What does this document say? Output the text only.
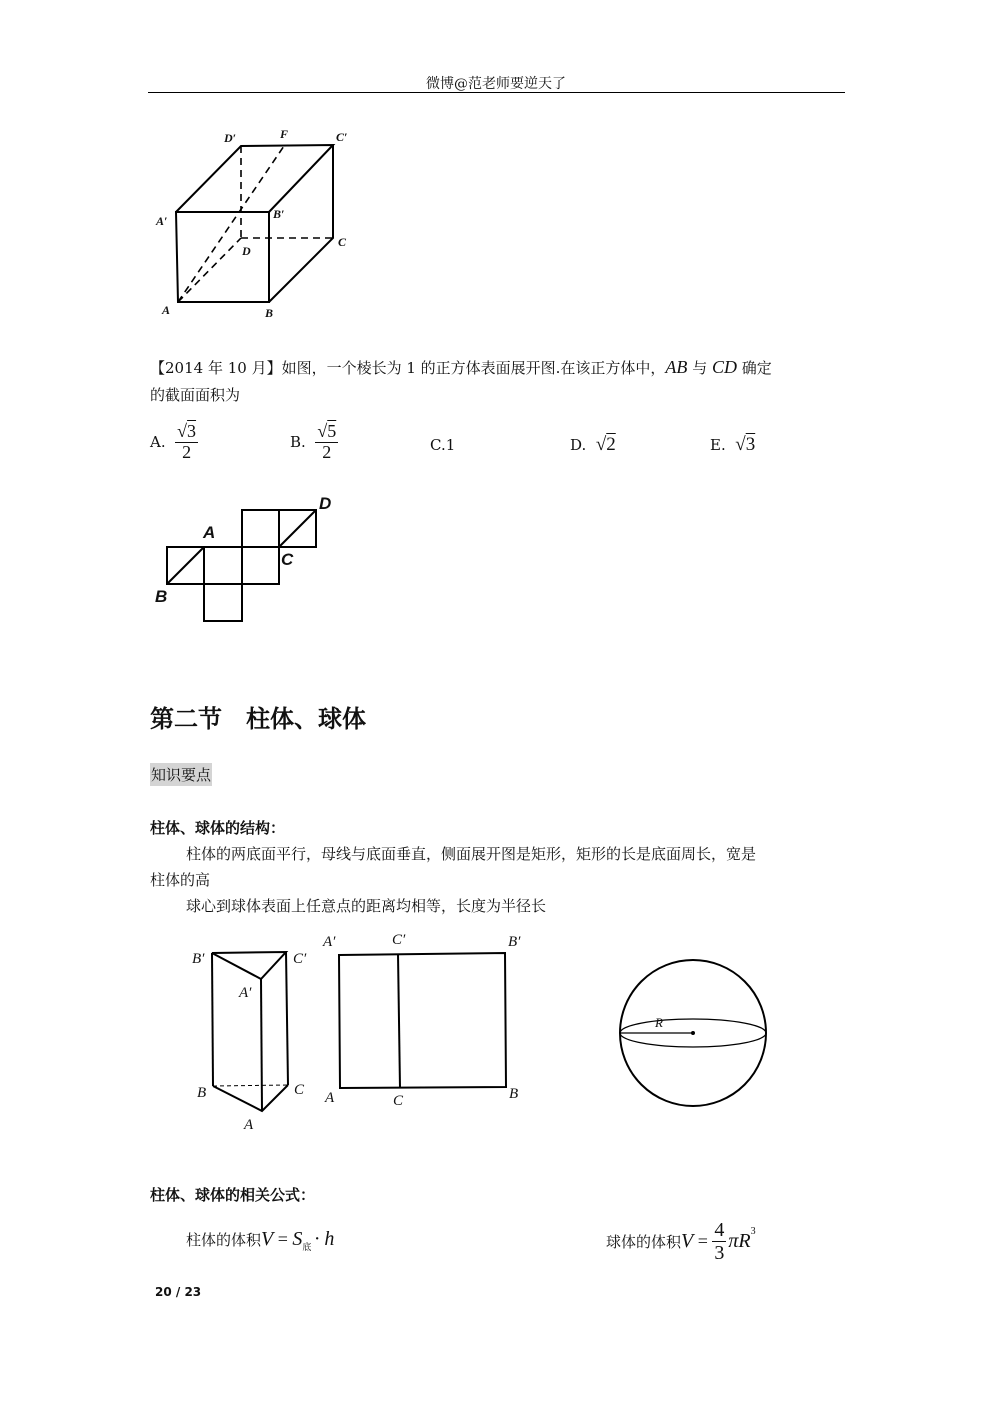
微博@范老师要逆天了
D′	F	C′
A′	B′
D
C
A	B
【2014 年 10 月】如图，一个棱长为 1 的正方体表面展开图.在该正方体中，AB 与 CD 确定
的截面面积为
A.
$\frac{√3}{2}$	B.
$\frac{√5}{2}$	C.1	D. √2	E. √3
A
B
C
D
第二节　柱体、球体
知识要点
柱体、球体的结构：
柱体的两底面平行，母线与底面垂直，侧面展开图是矩形，矩形的长是底面周长，宽是
柱体的高
球心到球体表面上任意点的距离均相等，长度为半径长
B′	C′
A′
B	C
A
A′	C′	B′
A	C	B
R
柱体、球体的相关公式：
柱体的体积 V = S 底 · h	球体的体积 $V = \frac{4}{3}$ πR 3
20 / 23
